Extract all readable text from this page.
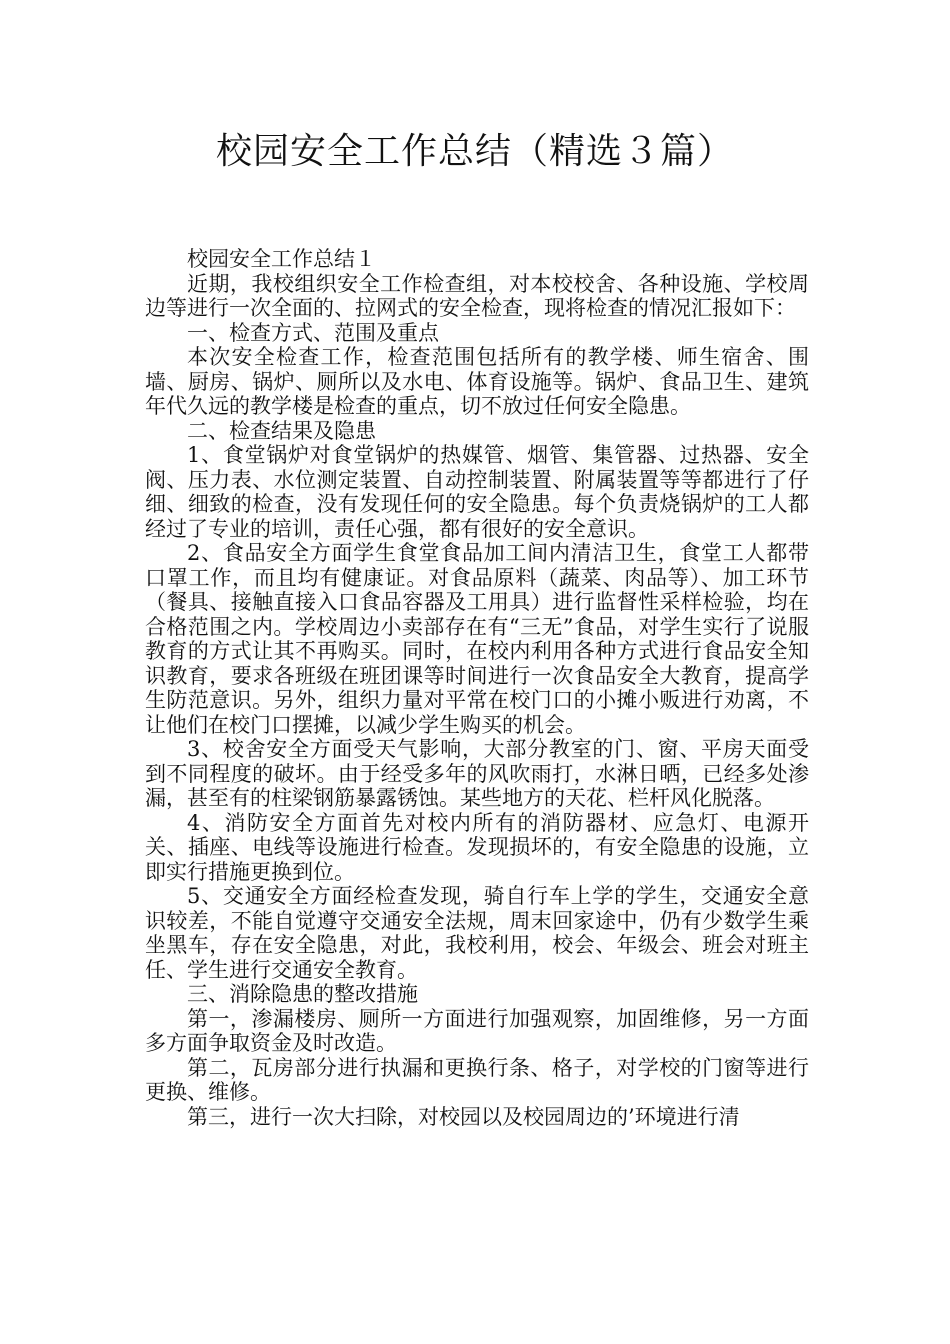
校园安全工作总结（精选３篇）

校园安全工作总结１

近期，我校组织安全工作检查组，对本校校舍、各种设施、学校周边等进行一次全面的、拉网式的安全检查，现将检查的情况汇报如下：

一、检查方式、范围及重点

本次安全检查工作，检查范围包括所有的教学楼、师生宿舍、围墙、厨房、锅炉、厕所以及水电、体育设施等。锅炉、食品卫生、建筑年代久远的教学楼是检查的重点，切不放过任何安全隐患。

二、检查结果及隐患

1、食堂锅炉对食堂锅炉的热媒管、烟管、集管器、过热器、安全阀、压力表、水位测定装置、自动控制装置、附属装置等等都进行了仔细、细致的检查，没有发现任何的安全隐患。每个负责烧锅炉的工人都经过了专业的培训，责任心强，都有很好的安全意识。

2、食品安全方面学生食堂食品加工间内清洁卫生，食堂工人都带口罩工作，而且均有健康证。对食品原料（蔬菜、肉品等）、加工环节（餐具、接触直接入口食品容器及工用具）进行监督性采样检验，均在合格范围之内。学校周边小卖部存在有“三无”食品，对学生实行了说服教育的方式让其不再购买。同时，在校内利用各种方式进行食品安全知识教育，要求各班级在班团课等时间进行一次食品安全大教育，提高学生防范意识。另外，组织力量对平常在校门口的小摊小贩进行劝离，不让他们在校门口摆摊，以减少学生购买的机会。

3、校舍安全方面受天气影响，大部分教室的门、窗、平房天面受到不同程度的破坏。由于经受多年的风吹雨打，水淋日晒，已经多处渗漏，甚至有的柱梁钢筋暴露锈蚀。某些地方的天花、栏杆风化脱落。

4、消防安全方面首先对校内所有的消防器材、应急灯、电源开关、插座、电线等设施进行检查。发现损坏的，有安全隐患的设施，立即实行措施更换到位。

5、交通安全方面经检查发现，骑自行车上学的学生，交通安全意识较差，不能自觉遵守交通安全法规，周末回家途中，仍有少数学生乘坐黑车，存在安全隐患，对此，我校利用，校会、年级会、班会对班主任、学生进行交通安全教育。

三、消除隐患的整改措施

第一，渗漏楼房、厕所一方面进行加强观察，加固维修，另一方面多方面争取资金及时改造。

第二，瓦房部分进行执漏和更换行条、格子，对学校的门窗等进行更换、维修。

第三，进行一次大扫除，对校园以及校园周边的’环境进行清
